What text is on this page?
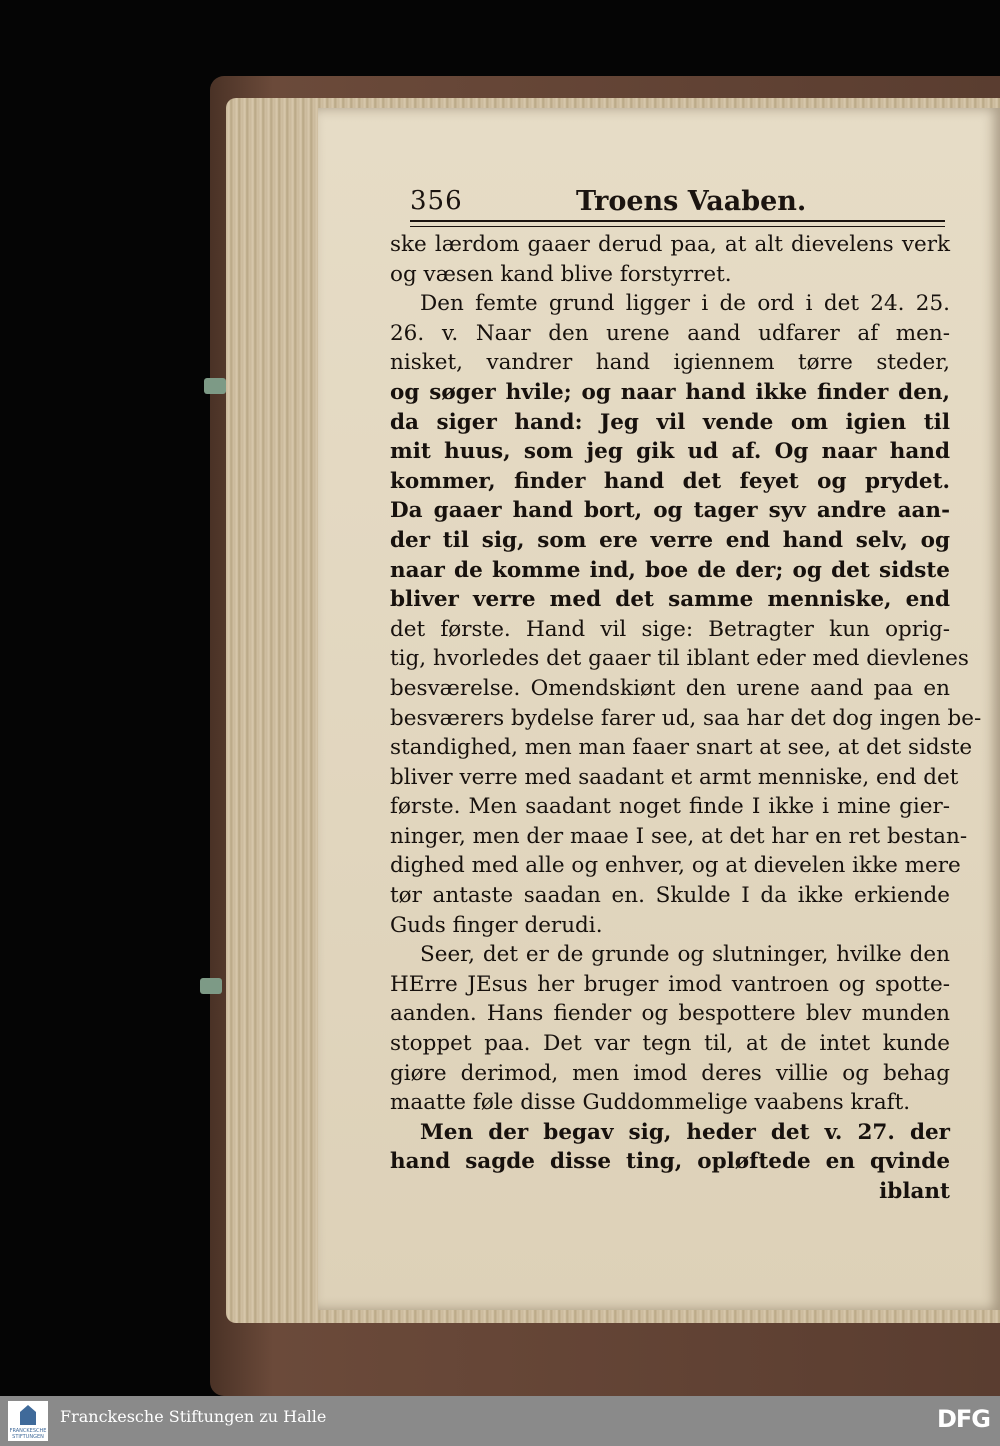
356	Troens Vaaben.
ske lærdom gaaer derud paa, at alt dievelens verk
og væsen kand blive forstyrret.
Den femte grund ligger i de ord i det 24. 25.
26. v. Naar den urene aand udfarer af men-
nisket, vandrer hand igiennem tørre steder,
og søger hvile; og naar hand ikke finder den,
da siger hand: Jeg vil vende om igien til
mit huus, som jeg gik ud af. Og naar hand
kommer, finder hand det feyet og prydet.
Da gaaer hand bort, og tager syv andre aan-
der til sig, som ere verre end hand selv, og
naar de komme ind, boe de der; og det sidste
bliver verre med det samme menniske, end
det første. Hand vil sige: Betragter kun oprig-
tig, hvorledes det gaaer til iblant eder med dievlenes
besværelse. Omendskiønt den urene aand paa en
besværers bydelse farer ud, saa har det dog ingen be-
standighed, men man faaer snart at see, at det sidste
bliver verre med saadant et armt menniske, end det
første. Men saadant noget finde I ikke i mine gier-
ninger, men der maae I see, at det har en ret bestan-
dighed med alle og enhver, og at dievelen ikke mere
tør antaste saadan en. Skulde I da ikke erkiende
Guds finger derudi.
Seer, det er de grunde og slutninger, hvilke den
HErre JEsus her bruger imod vantroen og spotte-
aanden. Hans fiender og bespottere blev munden
stoppet paa. Det var tegn til, at de intet kunde
giøre derimod, men imod deres villie og behag
maatte føle disse Guddommelige vaabens kraft.
Men der begav sig, heder det v. 27. der
hand sagde disse ting, opløftede en qvinde
iblant
FRANCKESCHE STIFTUNGEN
Franckesche Stiftungen zu Halle	DFG
